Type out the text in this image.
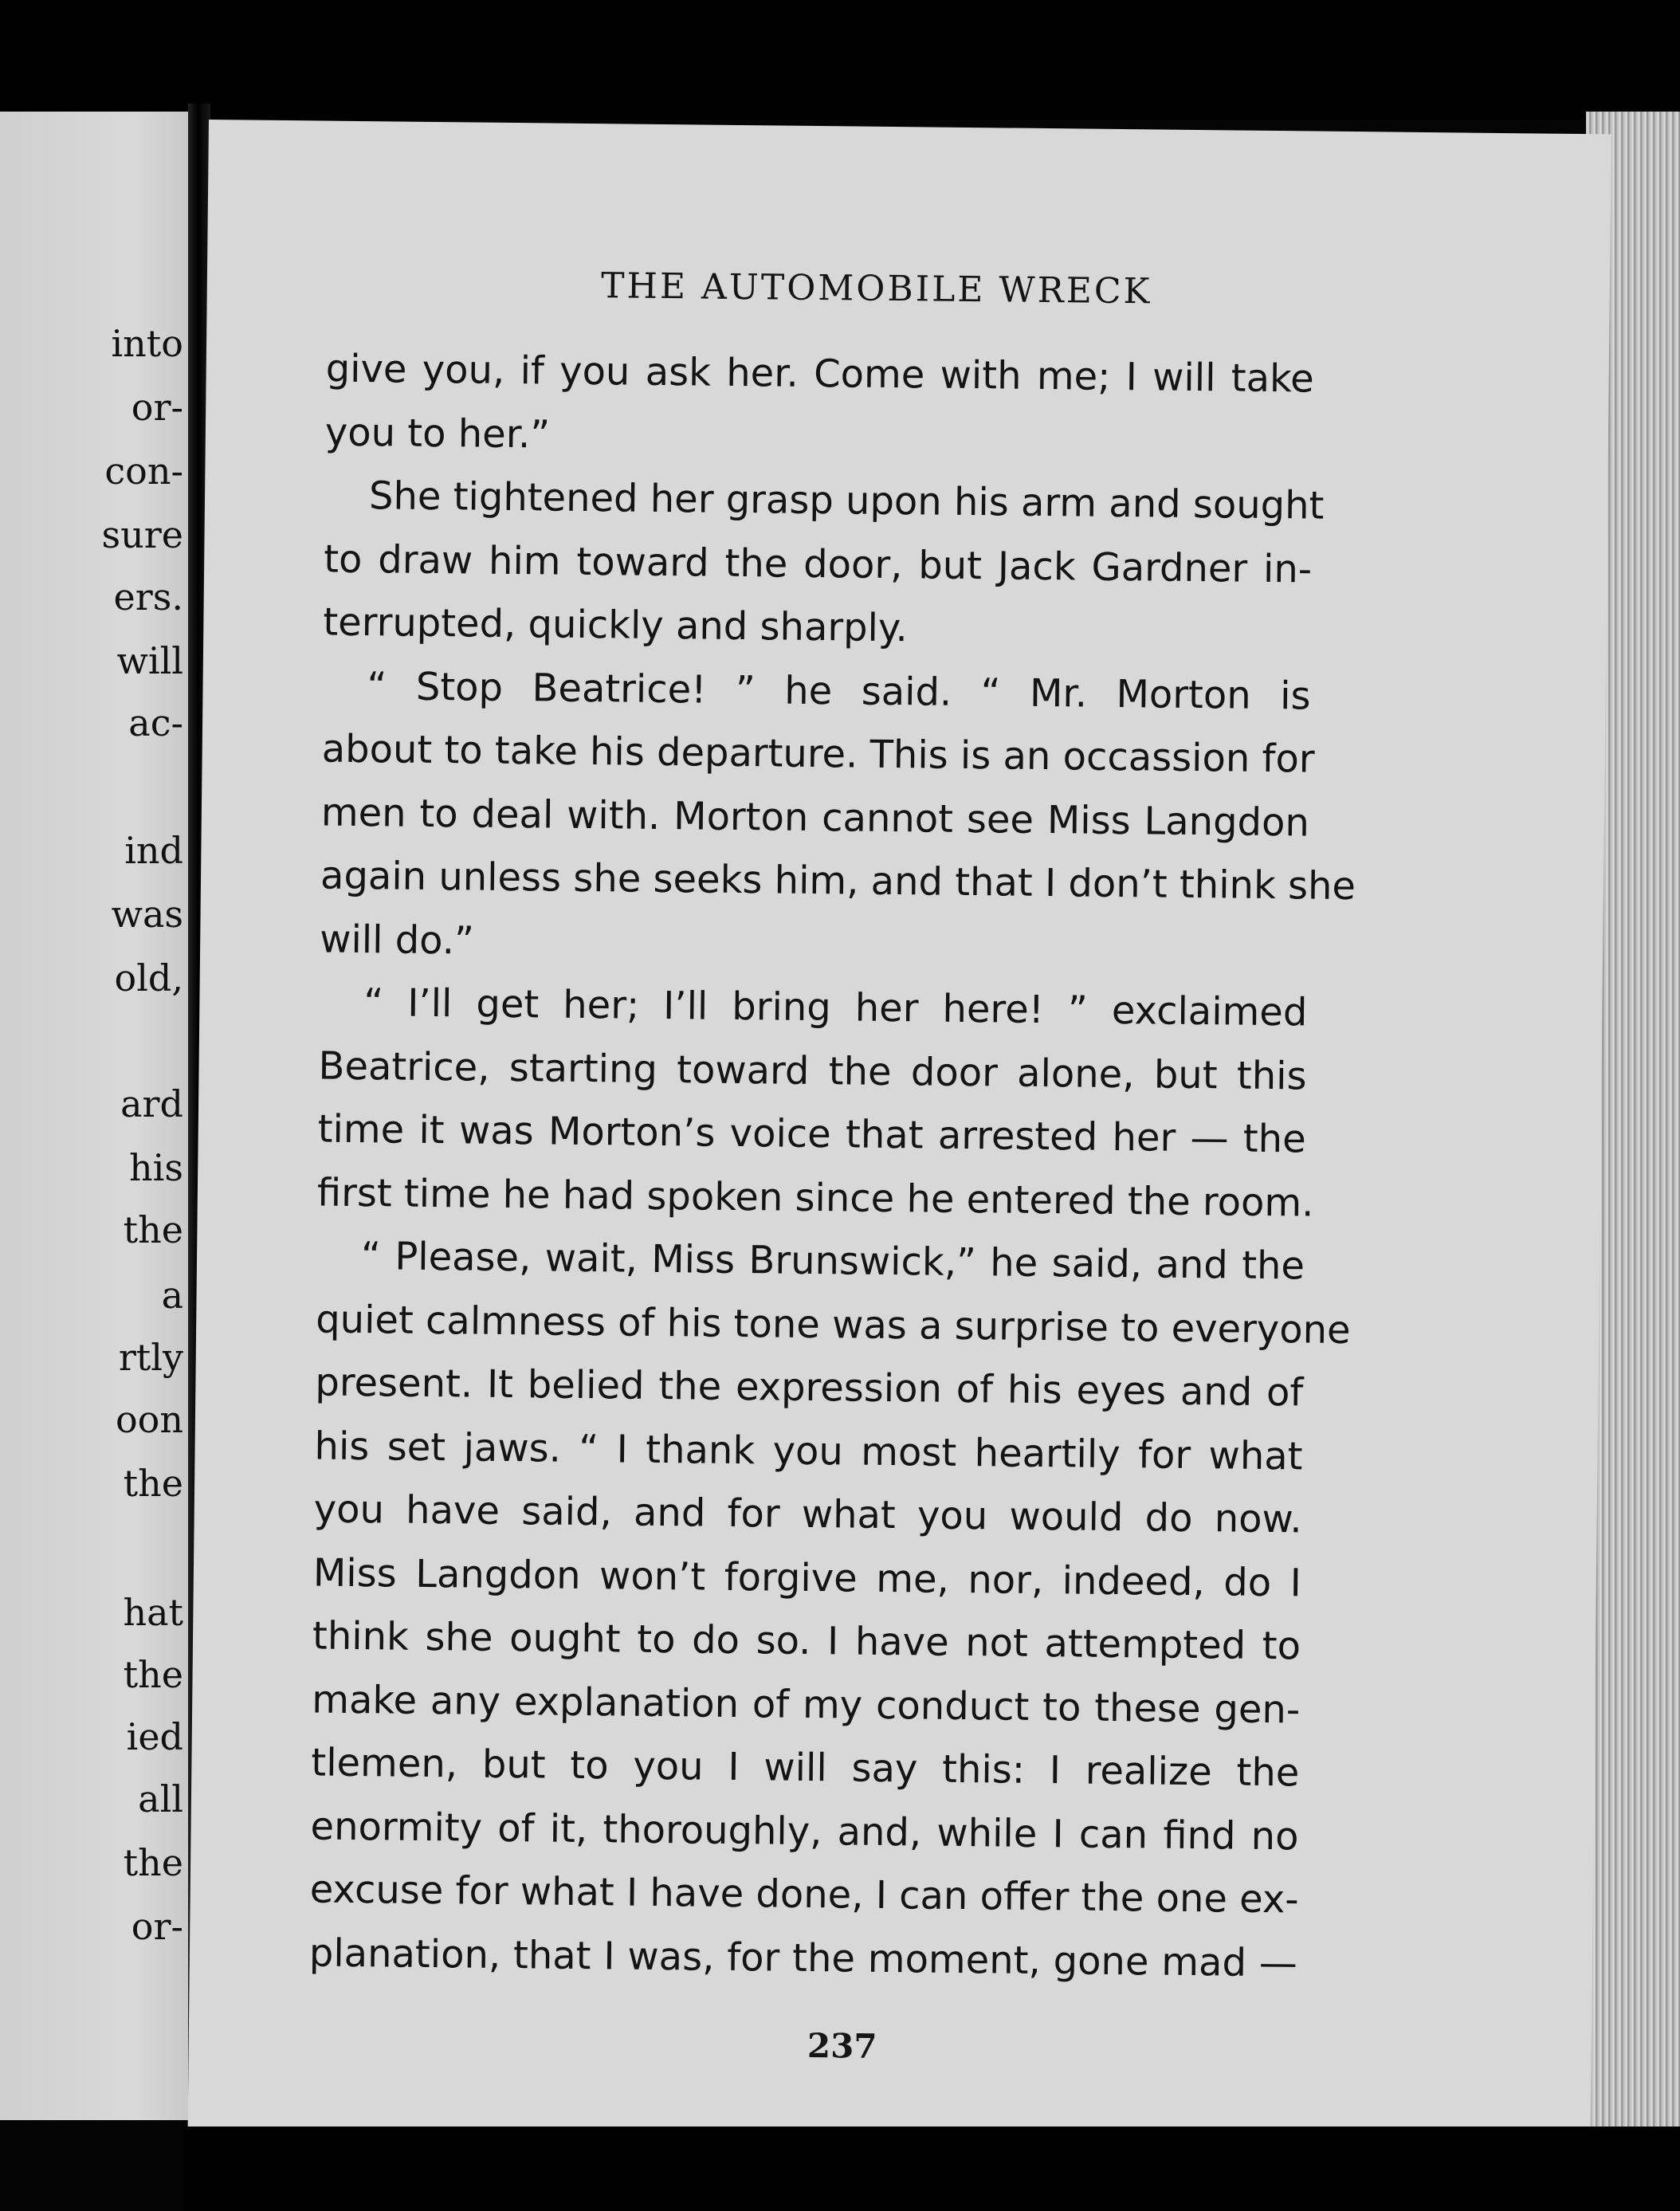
into
or-
con-
sure
ers.
will
ac-
ind
was
old,
ard
his
the
a
rtly
oon
the
hat
the
ied
all
the
or-
THE AUTOMOBILE WRECK
give you, if you ask her. Come with me; I will take
you to her.”
She tightened her grasp upon his arm and sought
to draw him toward the door, but Jack Gardner in-
terrupted, quickly and sharply.
“ Stop Beatrice! ” he said. “ Mr. Morton is
about to take his departure. This is an occassion for
men to deal with. Morton cannot see Miss Langdon
again unless she seeks him, and that I don’t think she
will do.”
“ I’ll get her; I’ll bring her here! ” exclaimed
Beatrice, starting toward the door alone, but this
time it was Morton’s voice that arrested her — the
first time he had spoken since he entered the room.
“ Please, wait, Miss Brunswick,” he said, and the
quiet calmness of his tone was a surprise to everyone
present. It belied the expression of his eyes and of
his set jaws. “ I thank you most heartily for what
you have said, and for what you would do now.
Miss Langdon won’t forgive me, nor, indeed, do I
think she ought to do so. I have not attempted to
make any explanation of my conduct to these gen-
tlemen, but to you I will say this: I realize the
enormity of it, thoroughly, and, while I can find no
excuse for what I have done, I can offer the one ex-
planation, that I was, for the moment, gone mad —
237
